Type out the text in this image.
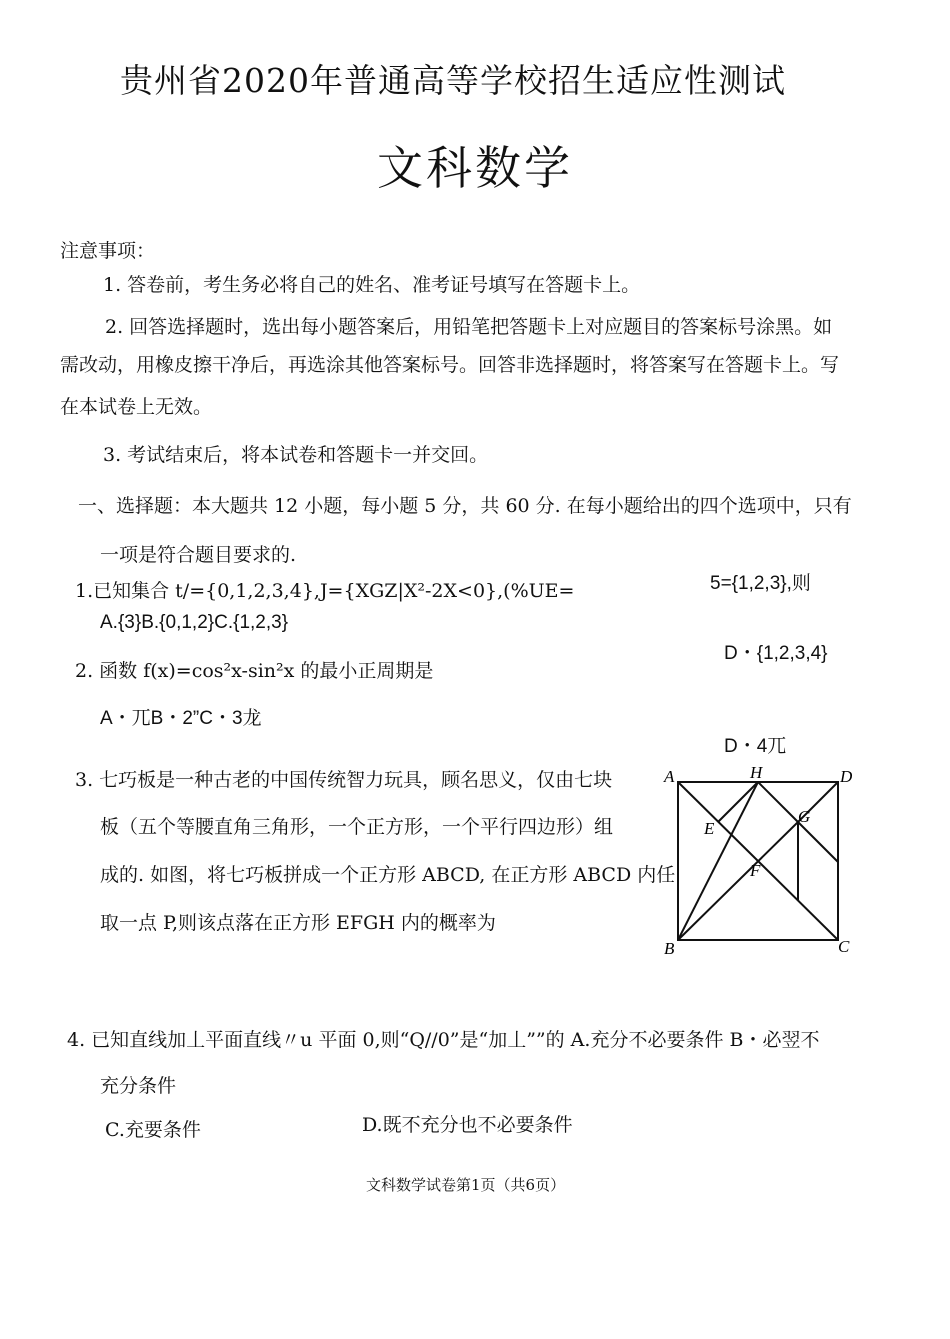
贵州省2020年普通高等学校招生适应性测试
文科数学
注意事项：
1. 答卷前，考生务必将自己的姓名、准考证号填写在答题卡上。
2. 回答选择题时，选出每小题答案后，用铅笔把答题卡上对应题目的答案标号涂黑。如
需改动，用橡皮擦干净后，再选涂其他答案标号。回答非选择题时，将答案写在答题卡上。写
在本试卷上无效。
3. 考试结束后，将本试卷和答题卡一并交回。
一、选择题：本大题共 12 小题，每小题 5 分，共 60 分. 在每小题给出的四个选项中，只有
一项是符合题目要求的.
1.已知集合 t/={0,1,2,3,4},J={XGZ|X²-2X<0},(%UE=	5={1,2,3},则
A.{3}B.{0,1,2}C.{1,2,3}
D・{1,2,3,4}
2. 函数 f(x)=cos²x-sin²x 的最小正周期是
A・兀B・2”C・3龙
D・4兀
3. 七巧板是一种古老的中国传统智力玩具，顾名思义，仅由七块
板（五个等腰直角三角形，一个正方形，一个平行四边形）组
成的. 如图，将七巧板拼成一个正方形 ABCD, 在正方形 ABCD 内任
取一点 P,则该点落在正方形 EFGH 内的概率为
A	H	D
E
G
F
B	C
4. 已知直线加丄平面直线〃u 平面 0,则“Q//0”是“加丄””的 A.充分不必要条件 B・必翌不
充分条件
C.充要条件	D.既不充分也不必要条件
文科数学试卷第1页（共6页）
